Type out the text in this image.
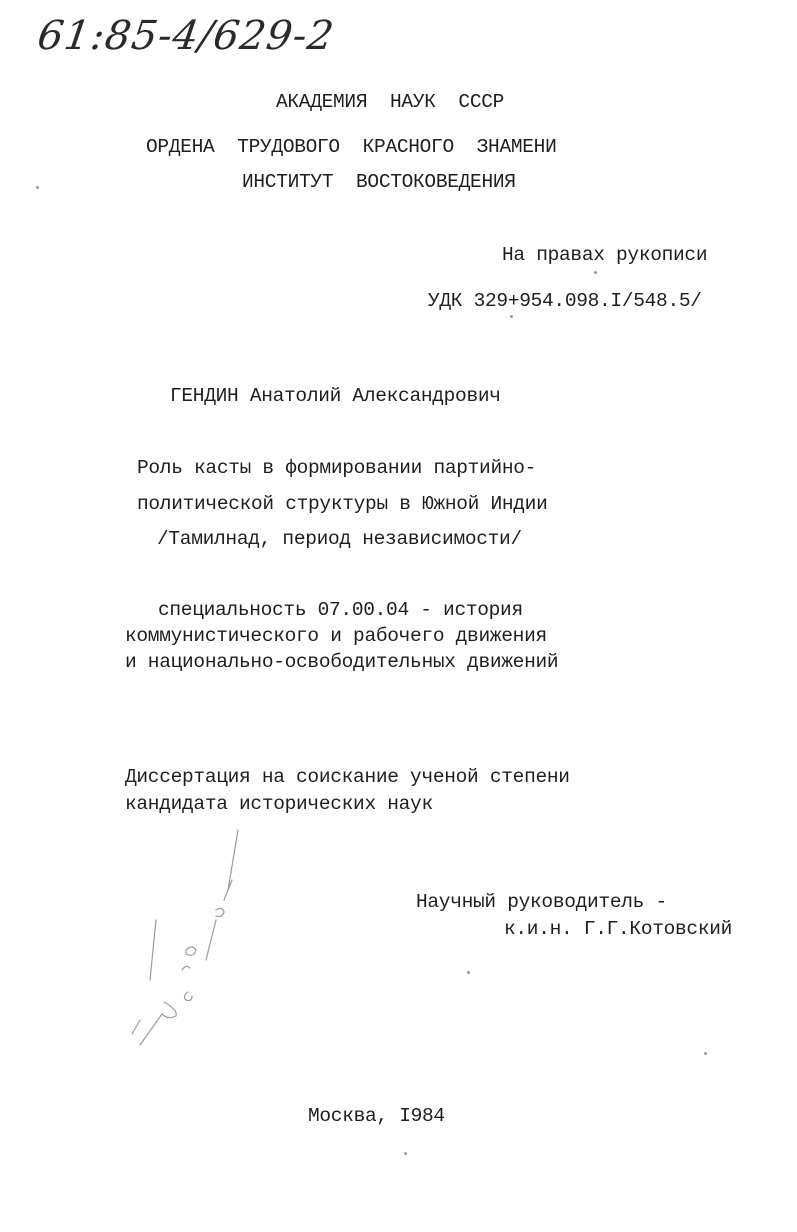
61:85-4/629-2
АКАДЕМИЯ  НАУК  СССР
ОРДЕНА  ТРУДОВОГО  КРАСНОГО  ЗНАМЕНИ
ИНСТИТУТ  ВОСТОКОВЕДЕНИЯ
На правах рукописи
УДК 329+954.098.I/548.5/
ГЕНДИН Анатолий Александрович
Роль касты в формировании партийно-
политической структуры в Южной Индии
/Тамилнад, период независимости/
специальность 07.00.04 - история
коммунистического и рабочего движения
и национально-освободительных движений
Диссертация на соискание ученой степени
кандидата исторических наук
Научный руководитель -
к.и.н. Г.Г.Котовский
Москва, I984
